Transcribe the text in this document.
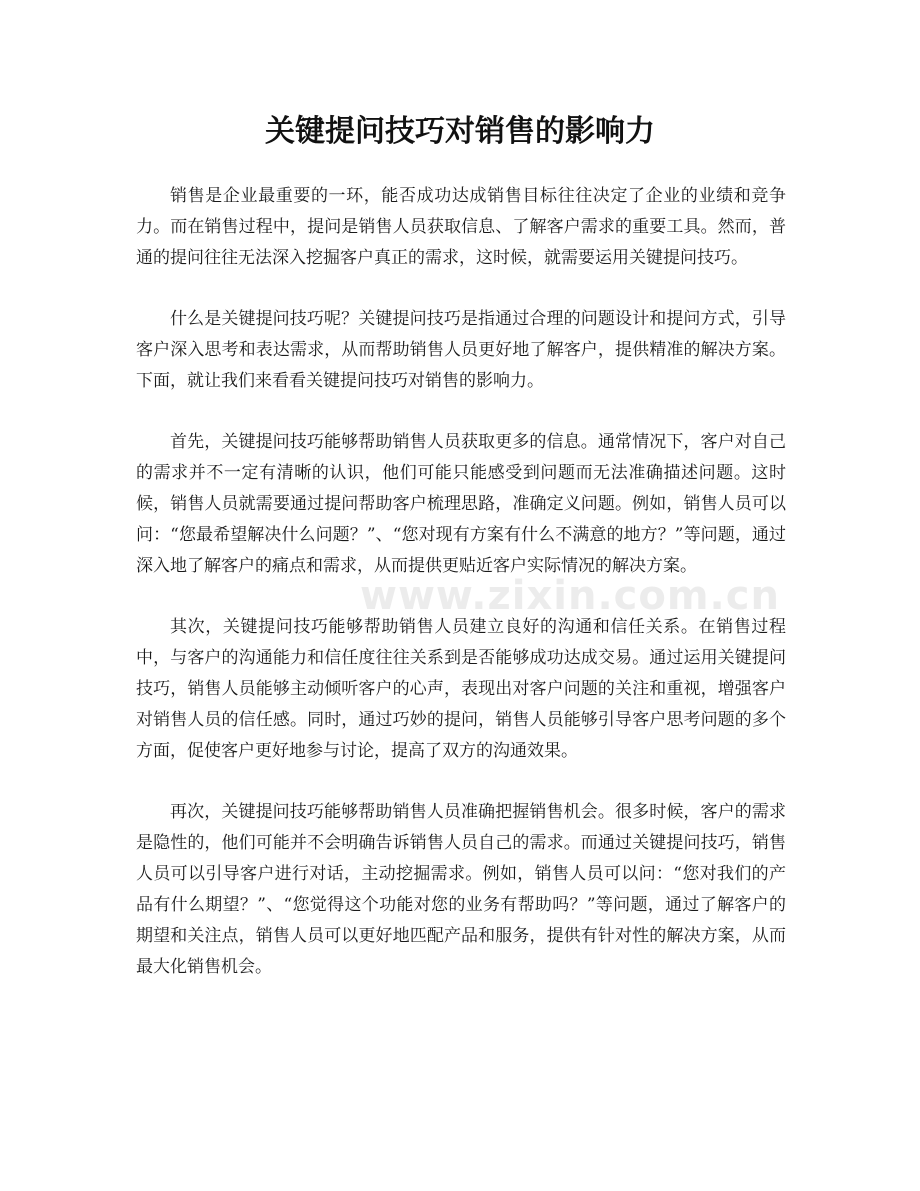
www.zixin.com.cn
关键提问技巧对销售的影响力

销售是企业最重要的一环，能否成功达成销售目标往往决定了企业的业绩和竞争力。而在销售过程中，提问是销售人员获取信息、了解客户需求的重要工具。然而，普通的提问往往无法深入挖掘客户真正的需求，这时候，就需要运用关键提问技巧。

什么是关键提问技巧呢？关键提问技巧是指通过合理的问题设计和提问方式，引导客户深入思考和表达需求，从而帮助销售人员更好地了解客户，提供精准的解决方案。下面，就让我们来看看关键提问技巧对销售的影响力。

首先，关键提问技巧能够帮助销售人员获取更多的信息。通常情况下，客户对自己的需求并不一定有清晰的认识，他们可能只能感受到问题而无法准确描述问题。这时候，销售人员就需要通过提问帮助客户梳理思路，准确定义问题。例如，销售人员可以问：“您最希望解决什么问题？”、“您对现有方案有什么不满意的地方？”等问题，通过深入地了解客户的痛点和需求，从而提供更贴近客户实际情况的解决方案。

其次，关键提问技巧能够帮助销售人员建立良好的沟通和信任关系。在销售过程中，与客户的沟通能力和信任度往往关系到是否能够成功达成交易。通过运用关键提问技巧，销售人员能够主动倾听客户的心声，表现出对客户问题的关注和重视，增强客户对销售人员的信任感。同时，通过巧妙的提问，销售人员能够引导客户思考问题的多个方面，促使客户更好地参与讨论，提高了双方的沟通效果。

再次，关键提问技巧能够帮助销售人员准确把握销售机会。很多时候，客户的需求是隐性的，他们可能并不会明确告诉销售人员自己的需求。而通过关键提问技巧，销售人员可以引导客户进行对话，主动挖掘需求。例如，销售人员可以问：“您对我们的产品有什么期望？”、“您觉得这个功能对您的业务有帮助吗？”等问题，通过了解客户的期望和关注点，销售人员可以更好地匹配产品和服务，提供有针对性的解决方案，从而最大化销售机会。
